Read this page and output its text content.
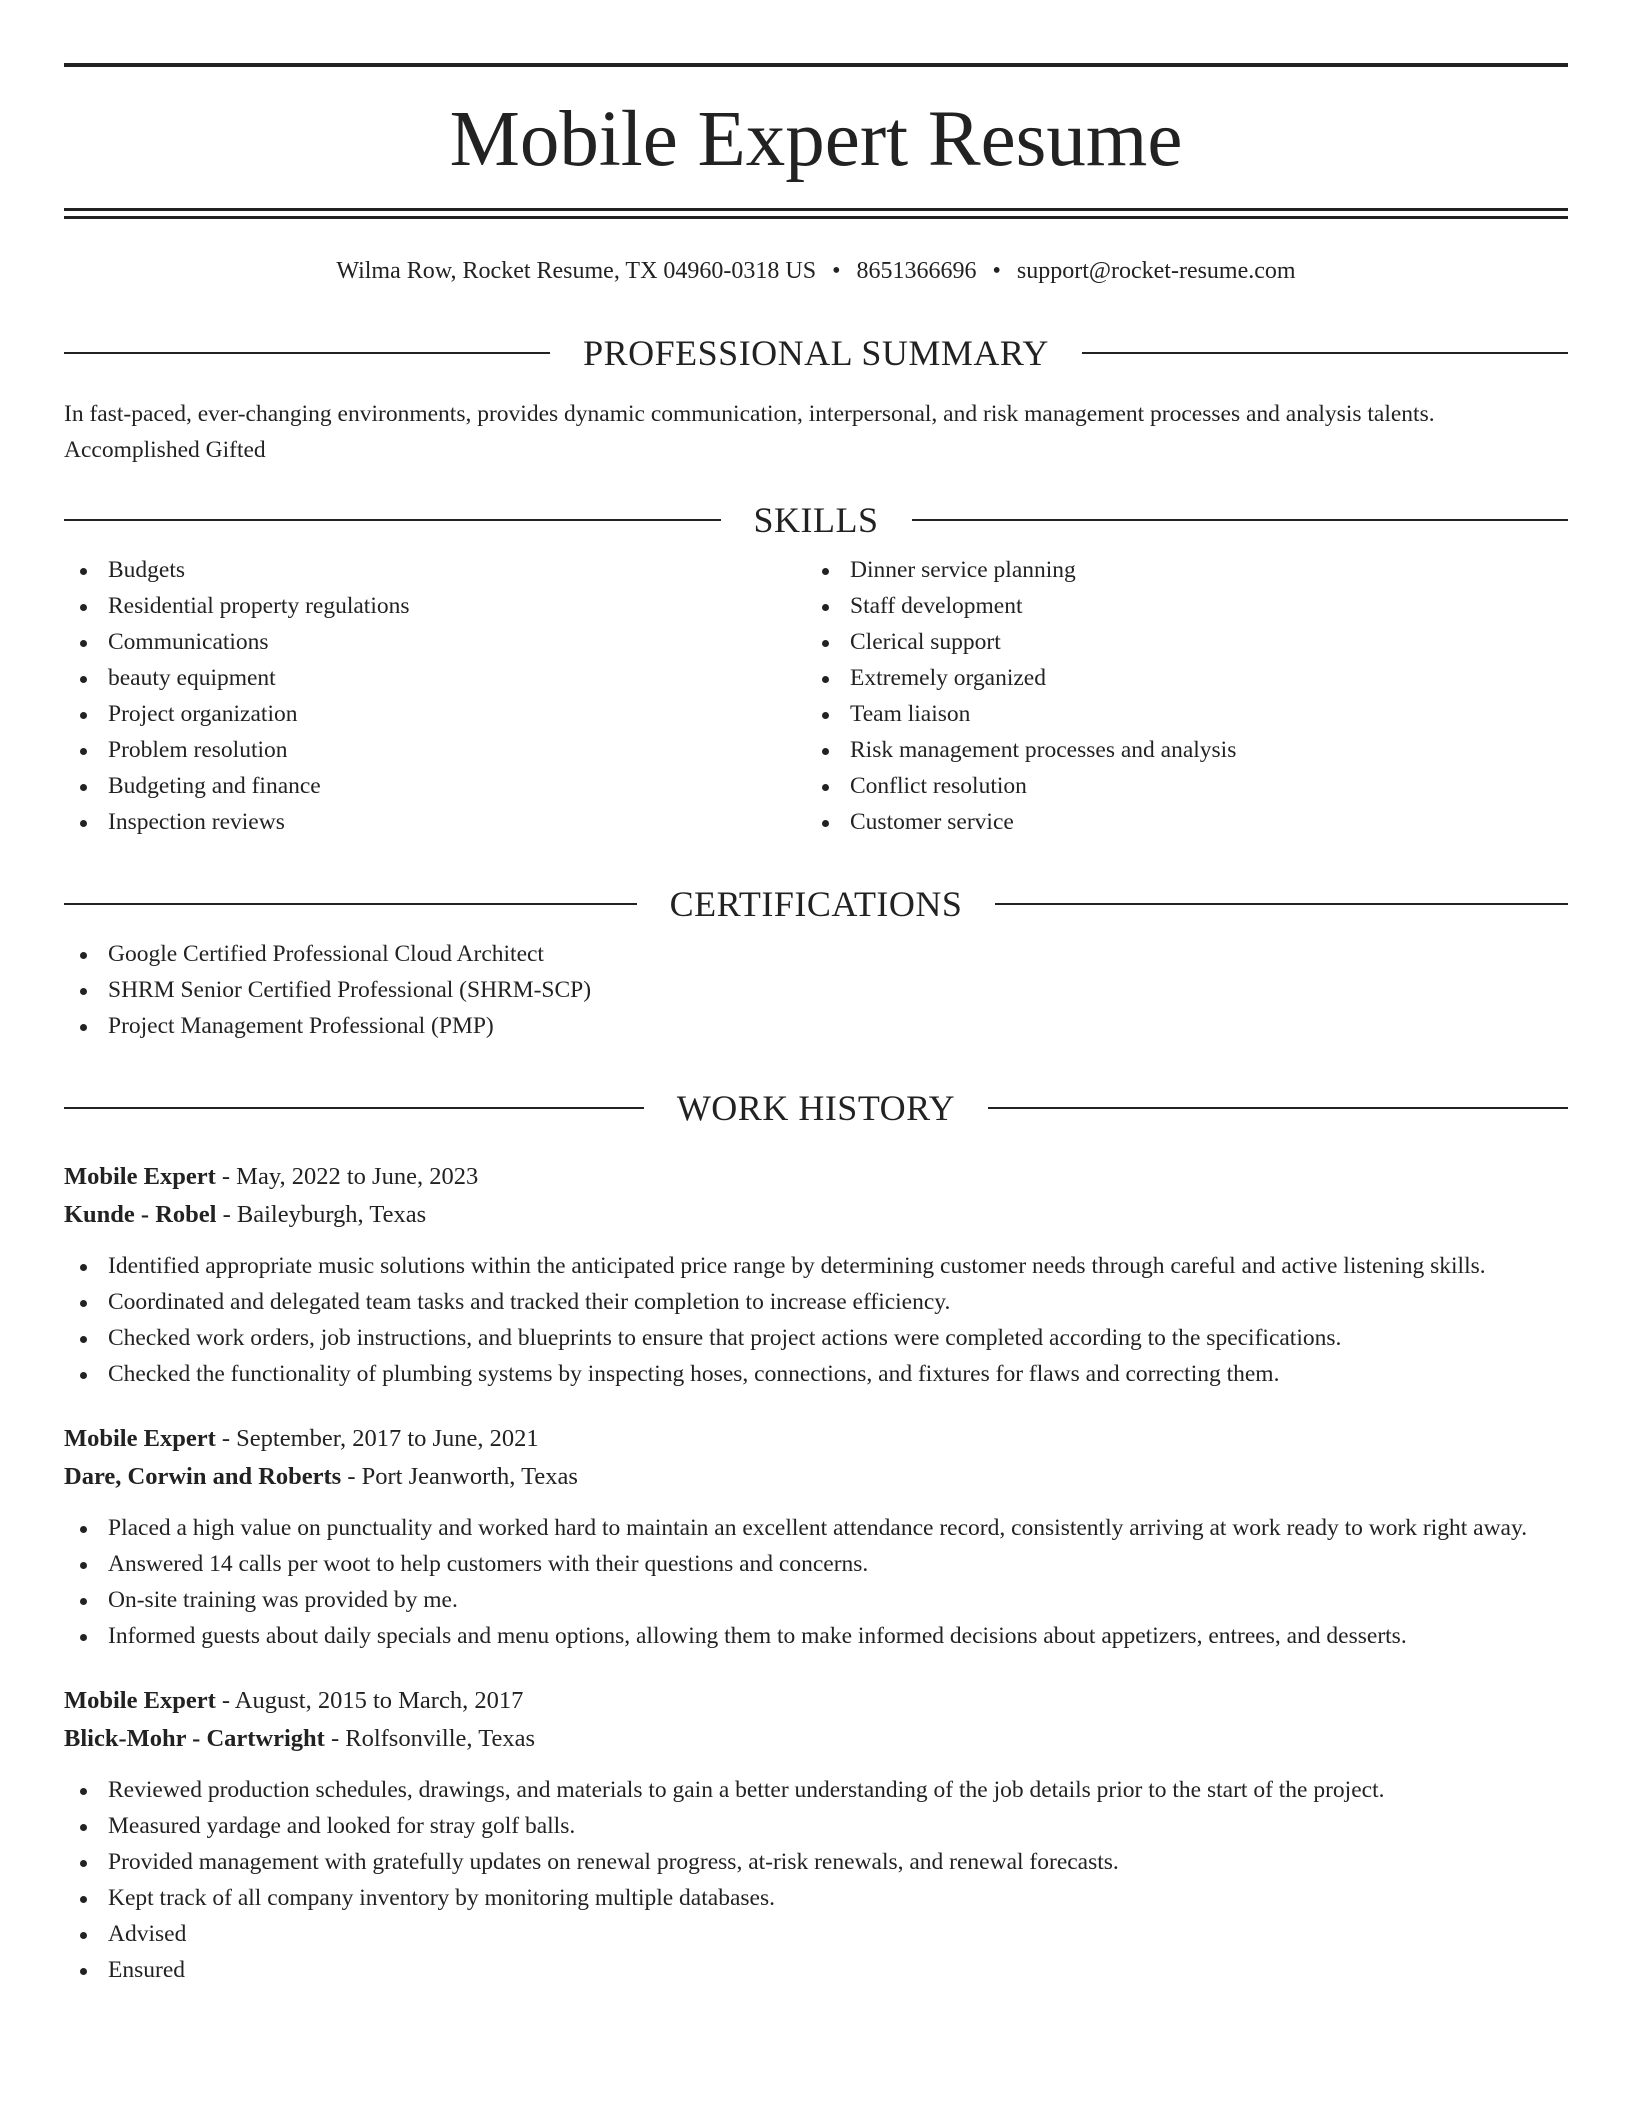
Mobile Expert Resume
Wilma Row, Rocket Resume, TX 04960-0318 US • 8651366696 • support@rocket-resume.com
PROFESSIONAL SUMMARY

In fast-paced, ever-changing environments, provides dynamic communication, interpersonal, and risk management processes and analysis talents. Accomplished Gifted

SKILLS
Budgets
Residential property regulations
Communications
beauty equipment
Project organization
Problem resolution
Budgeting and finance
Inspection reviews
Dinner service planning
Staff development
Clerical support
Extremely organized
Team liaison
Risk management processes and analysis
Conflict resolution
Customer service
CERTIFICATIONS
Google Certified Professional Cloud Architect
SHRM Senior Certified Professional (SHRM-SCP)
Project Management Professional (PMP)
WORK HISTORY
Mobile Expert - May, 2022 to June, 2023
Kunde - Robel - Baileyburgh, Texas
Identified appropriate music solutions within the anticipated price range by determining customer needs through careful and active listening skills.
Coordinated and delegated team tasks and tracked their completion to increase efficiency.
Checked work orders, job instructions, and blueprints to ensure that project actions were completed according to the specifications.
Checked the functionality of plumbing systems by inspecting hoses, connections, and fixtures for flaws and correcting them.
Mobile Expert - September, 2017 to June, 2021
Dare, Corwin and Roberts - Port Jeanworth, Texas
Placed a high value on punctuality and worked hard to maintain an excellent attendance record, consistently arriving at work ready to work right away.
Answered 14 calls per woot to help customers with their questions and concerns.
On-site training was provided by me.
Informed guests about daily specials and menu options, allowing them to make informed decisions about appetizers, entrees, and desserts.
Mobile Expert - August, 2015 to March, 2017
Blick-Mohr - Cartwright - Rolfsonville, Texas
Reviewed production schedules, drawings, and materials to gain a better understanding of the job details prior to the start of the project.
Measured yardage and looked for stray golf balls.
Provided management with gratefully updates on renewal progress, at-risk renewals, and renewal forecasts.
Kept track of all company inventory by monitoring multiple databases.
Advised
Ensured
